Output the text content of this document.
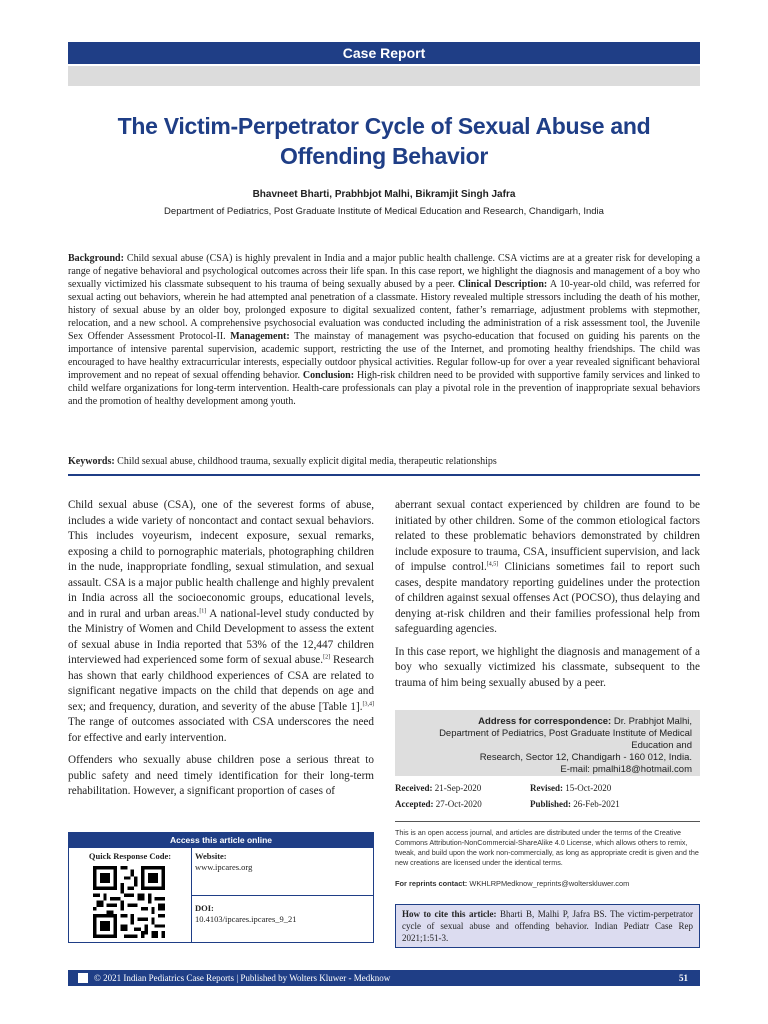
Case Report
The Victim-Perpetrator Cycle of Sexual Abuse and
Offending Behavior
Bhavneet Bharti, Prabhbjot Malhi, Bikramjit Singh Jafra
Department of Pediatrics, Post Graduate Institute of Medical Education and Research, Chandigarh, India
Background: Child sexual abuse (CSA) is highly prevalent in India and a major public health challenge. CSA victims are at a greater risk for developing a range of negative behavioral and psychological outcomes across their life span. In this case report, we highlight the diagnosis and management of a boy who sexually victimized his classmate subsequent to his trauma of being sexually abused by a peer. Clinical Description: A 10-year-old child, was referred for sexual acting out behaviors, wherein he had attempted anal penetration of a classmate. History revealed multiple stressors including the death of his mother, history of sexual abuse by an older boy, prolonged exposure to digital sexualized content, father’s remarriage, adjustment problems with stepmother, relocation, and a new school. A comprehensive psychosocial evaluation was conducted including the administration of a risk assessment tool, the Juvenile Sex Offender Assessment Protocol-II. Management: The mainstay of management was psycho-education that focused on guiding his parents on the importance of intensive parental supervision, academic support, restricting the use of the Internet, and promoting healthy friendships. The child was encouraged to have healthy extracurricular interests, especially outdoor physical activities. Regular follow-up for over a year revealed significant behavioral improvement and no repeat of sexual offending behavior. Conclusion: High-risk children need to be provided with supportive family services and linked to child welfare organizations for long-term intervention. Health-care professionals can play a pivotal role in the prevention of inappropriate sexual behaviors and the promotion of healthy development among youth.
Keywords: Child sexual abuse, childhood trauma, sexually explicit digital media, therapeutic relationships

Child sexual abuse (CSA), one of the severest forms of abuse, includes a wide variety of noncontact and contact sexual behaviors. This includes voyeurism, indecent exposure, sexual remarks, exposing a child to pornographic materials, photographing children in the nude, inappropriate fondling, sexual stimulation, and sexual assault. CSA is a major public health challenge and highly prevalent in India across all the socioeconomic groups, educational levels, and in rural and urban areas.[1] A national-level study conducted by the Ministry of Women and Child Development to assess the extent of sexual abuse in India reported that 53% of the 12,447 children interviewed had experienced some form of sexual abuse.[2] Research has shown that early childhood experiences of CSA are related to significant negative impacts on the child that depends on age and sex; and frequency, duration, and severity of the abuse [Table 1].[3,4] The range of outcomes associated with CSA underscores the need for effective and early intervention.

Offenders who sexually abuse children pose a serious threat to public safety and need timely identification for their long-term rehabilitation. However, a significant proportion of cases of

aberrant sexual contact experienced by children are found to be initiated by other children. Some of the common etiological factors related to these problematic behaviors demonstrated by children include exposure to trauma, CSA, insufficient supervision, and lack of impulse control.[4,5] Clinicians sometimes fail to report such cases, despite mandatory reporting guidelines under the protection of children against sexual offenses Act (POCSO), thus delaying and denying at-risk children and their families professional help from safeguarding agencies.

In this case report, we highlight the diagnosis and management of a boy who sexually victimized his classmate, subsequent to the trauma of him being sexually abused by a peer.

Address for correspondence: Dr. Prabhjot Malhi,
Department of Pediatrics, Post Graduate Institute of Medical Education and
Research, Sector 12, Chandigarh - 160 012, India.
E-mail: pmalhi18@hotmail.com
Received: 21-Sep-2020	Revised: 15-Oct-2020
Accepted: 27-Oct-2020	Published: 26-Feb-2021
This is an open access journal, and articles are distributed under the terms of the Creative Commons Attribution-NonCommercial-ShareAlike 4.0 License, which allows others to remix, tweak, and build upon the work non-commercially, as long as appropriate credit is given and the new creations are licensed under the identical terms.
For reprints contact: WKHLRPMedknow_reprints@wolterskluwer.com
How to cite this article: Bharti B, Malhi P, Jafra BS. The victim-perpetrator cycle of sexual abuse and offending behavior. Indian Pediatr Case Rep 2021;1:51-3.
Access this article online
Quick Response Code:	Website:
www.ipcares.org
DOI:
10.4103/ipcares.ipcares_9_21
© 2021 Indian Pediatrics Case Reports | Published by Wolters Kluwer - Medknow	51
